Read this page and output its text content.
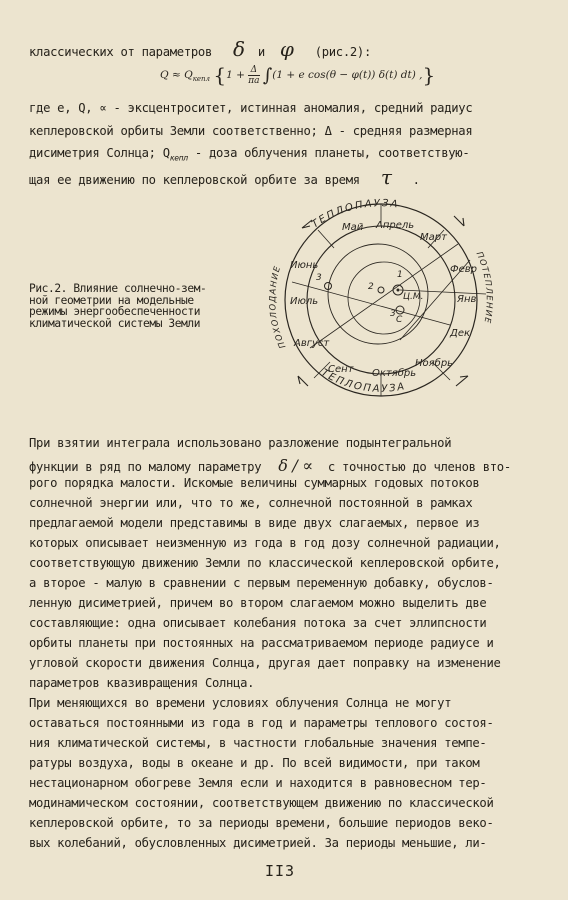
классических от параметров δ и φ (рис.2):
$Q \approx Q_{кепл}$ {$1 + \frac{\Delta}{\pi a} \int(1 + e$ cos(θ − φ(t)) δ(t) dt) ,}
где e, Q, ∝ - эксцентроситет, истинная аномалия, средний радиус
кеплеровской орбиты Земли соответственно; Δ - средняя размерная
дисиметрия Солнца; $Q_{кепл}$ - доза облучения планеты, соответствую-
щая ее движению по кеплеровской орбите за время τ .
Рис.2. Влияние солнечно-зем-
ной геометрии на модельные
режимы энергообеспеченности
климатической системы Земли
ТЕПЛОПАУЗА
ТЕПЛОПАУЗА
ПОХОЛОДАНИЕ
ПОТЕПЛЕНИЕ
Май Апрель
Март
Февр
Янв
Дек
Ноябрь
Октябрь
Сент
Август
Июль
Июнь
Ц.М.
C
1
2
3
3
При взятии интеграла использовано разложение подынтегральной
функции в ряд по малому параметру δ / ∝ с точностью до членов вто-
рого порядка малости. Искомые величины суммарных годовых потоков
солнечной энергии или, что то же, солнечной постоянной в рамках
предлагаемой модели представимы в виде двух слагаемых, первое из
которых описывает неизменную из года в год дозу солнечной радиации,
соответствующую движению Земли по классической кеплеровской орбите,
а второе - малую в сравнении с первым переменную добавку, обуслов-
ленную дисиметрией, причем во втором слагаемом можно выделить две
составляющие: одна описывает колебания потока за счет эллипсности
орбиты планеты при постоянных на рассматриваемом периоде радиусе и
угловой скорости движения Солнца, другая дает поправку на изменение
параметров квазивращения Солнца.
При меняющихся во времени условиях облучения Солнца не могут
оставаться постоянными из года в год и параметры теплового состоя-
ния климатической системы, в частности глобальные значения темпе-
ратуры воздуха, воды в океане и др. По всей видимости, при таком
нестационарном обогреве Земля если и находится в равновесном тер-
модинамическом состоянии, соответствующем движению по классической
кеплеровской орбите, то за периоды времени, большие периодов веко-
вых колебаний, обусловленных дисиметрией. За периоды меньшие, ли-
II3
